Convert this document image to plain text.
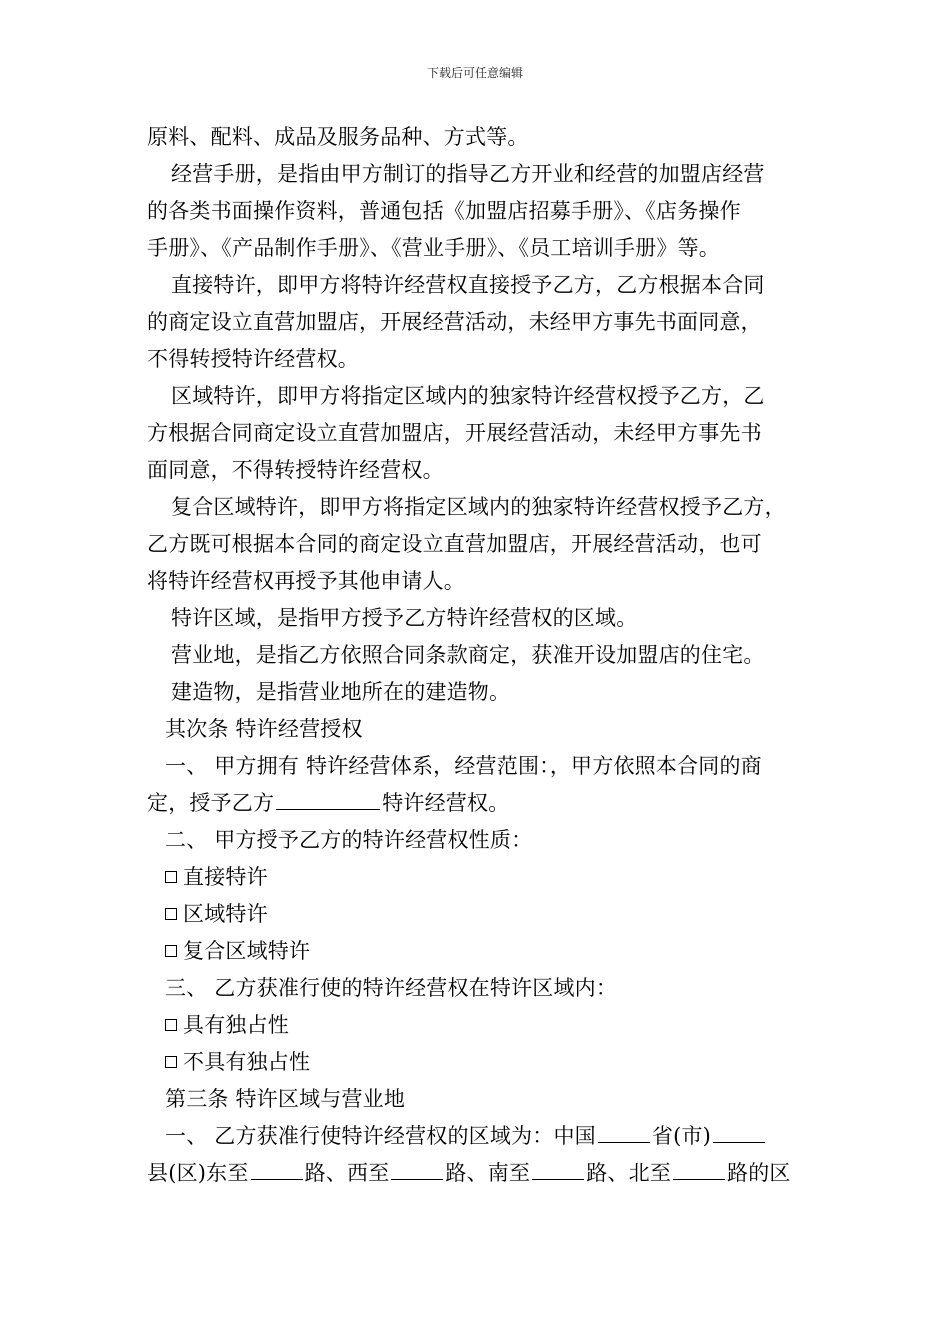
下载后可任意编辑
原料、配料、成品及服务品种、方式等。
经营手册，是指由甲方制订的指导乙方开业和经营的加盟店经营
的各类书面操作资料，普通包括《加盟店招募手册》、《店务操作
手册》、《产品制作手册》、《营业手册》、《员工培训手册》等。
直接特许，即甲方将特许经营权直接授予乙方，乙方根据本合同
的商定设立直营加盟店，开展经营活动，未经甲方事先书面同意，
不得转授特许经营权。
区域特许，即甲方将指定区域内的独家特许经营权授予乙方，乙
方根据合同商定设立直营加盟店，开展经营活动，未经甲方事先书
面同意，不得转授特许经营权。
复合区域特许，即甲方将指定区域内的独家特许经营权授予乙方，
乙方既可根据本合同的商定设立直营加盟店，开展经营活动，也可
将特许经营权再授予其他申请人。
特许区域，是指甲方授予乙方特许经营权的区域。
营业地，是指乙方依照合同条款商定，获准开设加盟店的住宅。
建造物，是指营业地所在的建造物。
其次条 特许经营授权
一、 甲方拥有 特许经营体系，经营范围：，甲方依照本合同的商
定，授予乙方	特许经营权。
二、 甲方授予乙方的特许经营权性质：
直接特许
区域特许
复合区域特许
三、 乙方获准行使的特许经营权在特许区域内：
具有独占性
不具有独占性
第三条 特许区域与营业地
一、 乙方获准行使特许经营权的区域为：中国	省(市)
县(区)东至	路、西至	路、南至	路、北至	路的区
